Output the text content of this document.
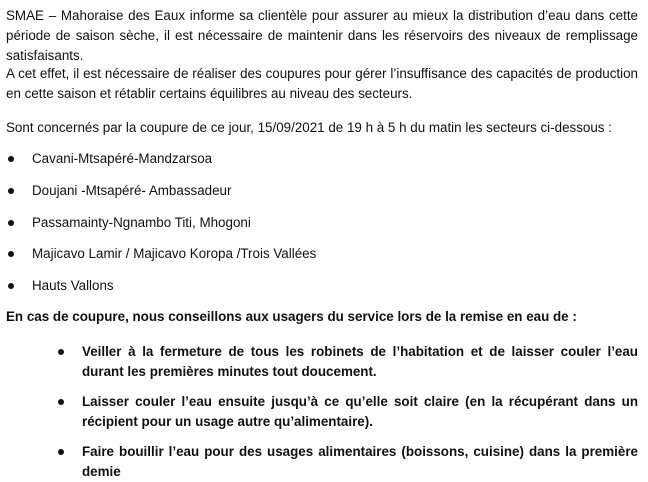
SMAE – Mahoraise des Eaux informe sa clientèle pour assurer au mieux la distribution d’eau dans cette période de saison sèche, il est nécessaire de maintenir dans les réservoirs des niveaux de remplissage satisfaisants.

A cet effet, il est nécessaire de réaliser des coupures pour gérer l’insuffisance des capacités de production en cette saison et rétablir certains équilibres au niveau des secteurs.

Sont concernés par la coupure de ce jour, 15/09/2021 de 19 h à 5 h du matin les secteurs ci-dessous :

Cavani-Mtsapéré-Mandzarsoa
Doujani -Mtsapéré- Ambassadeur
Passamainty-Ngnambo Titi, Mhogoni
Majicavo Lamir / Majicavo Koropa /Trois Vallées
Hauts Vallons

En cas de coupure, nous conseillons aux usagers du service lors de la remise en eau de :

Veiller à la fermeture de tous les robinets de l’habitation et de laisser couler l’eau durant les premières minutes tout doucement.
Laisser couler l’eau ensuite jusqu’à ce qu’elle soit claire (en la récupérant dans un récipient pour un usage autre qu’alimentaire).
Faire bouillir l’eau pour des usages alimentaires (boissons, cuisine) dans la première demie
